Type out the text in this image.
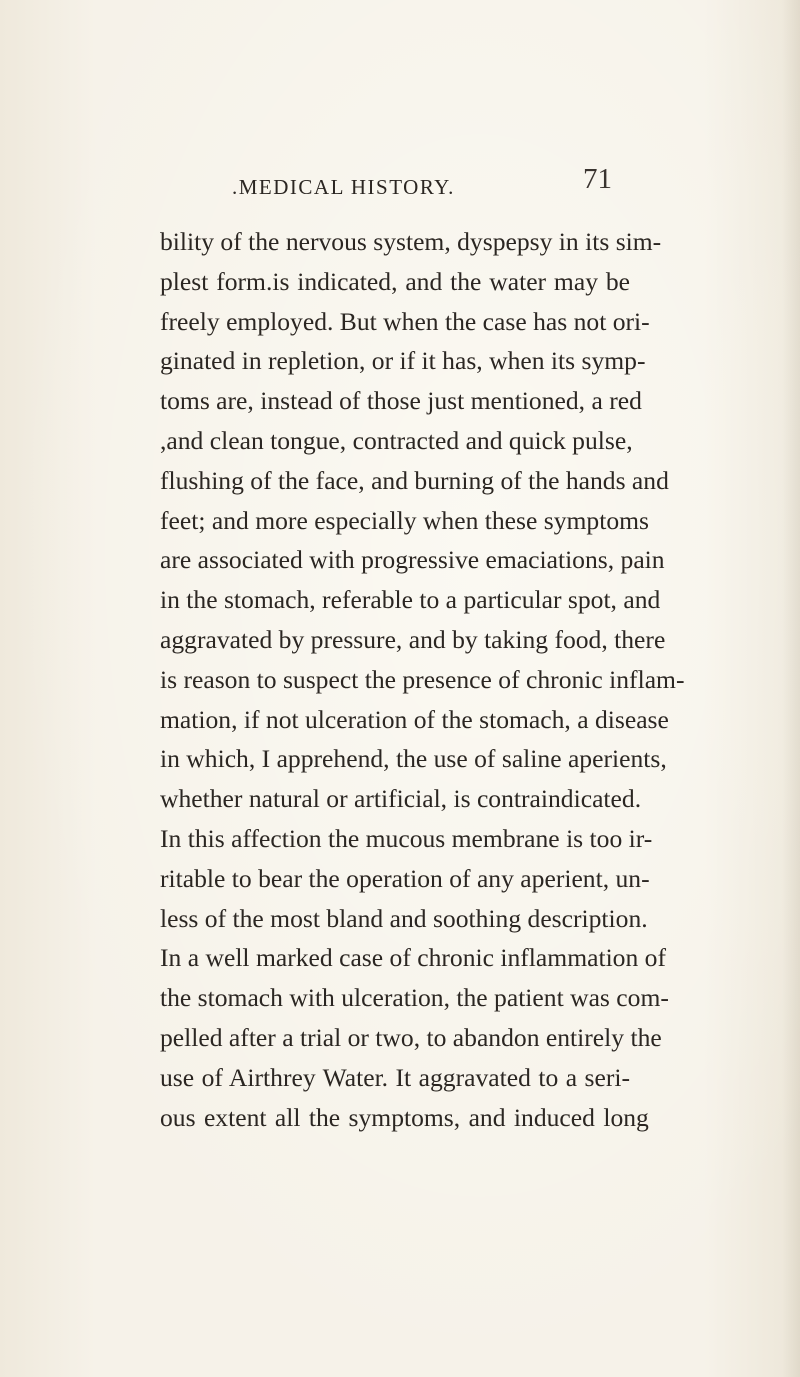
.MEDICAL HISTORY.	71
bility of the nervous system, dyspepsy in its sim-
plest form.is indicated, and the water may be
freely employed. But when the case has not ori-
ginated in repletion, or if it has, when its symp-
toms are, instead of those just mentioned, a red
,and clean tongue, contracted and quick pulse,
flushing of the face, and burning of the hands and
feet; and more especially when these symptoms
are associated with progressive emaciations, pain
in the stomach, referable to a particular spot, and
aggravated by pressure, and by taking food, there
is reason to suspect the presence of chronic inflam-
mation, if not ulceration of the stomach, a disease
in which, I apprehend, the use of saline aperients,
whether natural or artificial, is contraindicated.
In this affection the mucous membrane is too ir-
ritable to bear the operation of any aperient, un-
less of the most bland and soothing description.
In a well marked case of chronic inflammation of
the stomach with ulceration, the patient was com-
pelled after a trial or two, to abandon entirely the
use of Airthrey Water. It aggravated to a seri-
ous extent all the symptoms, and induced long
